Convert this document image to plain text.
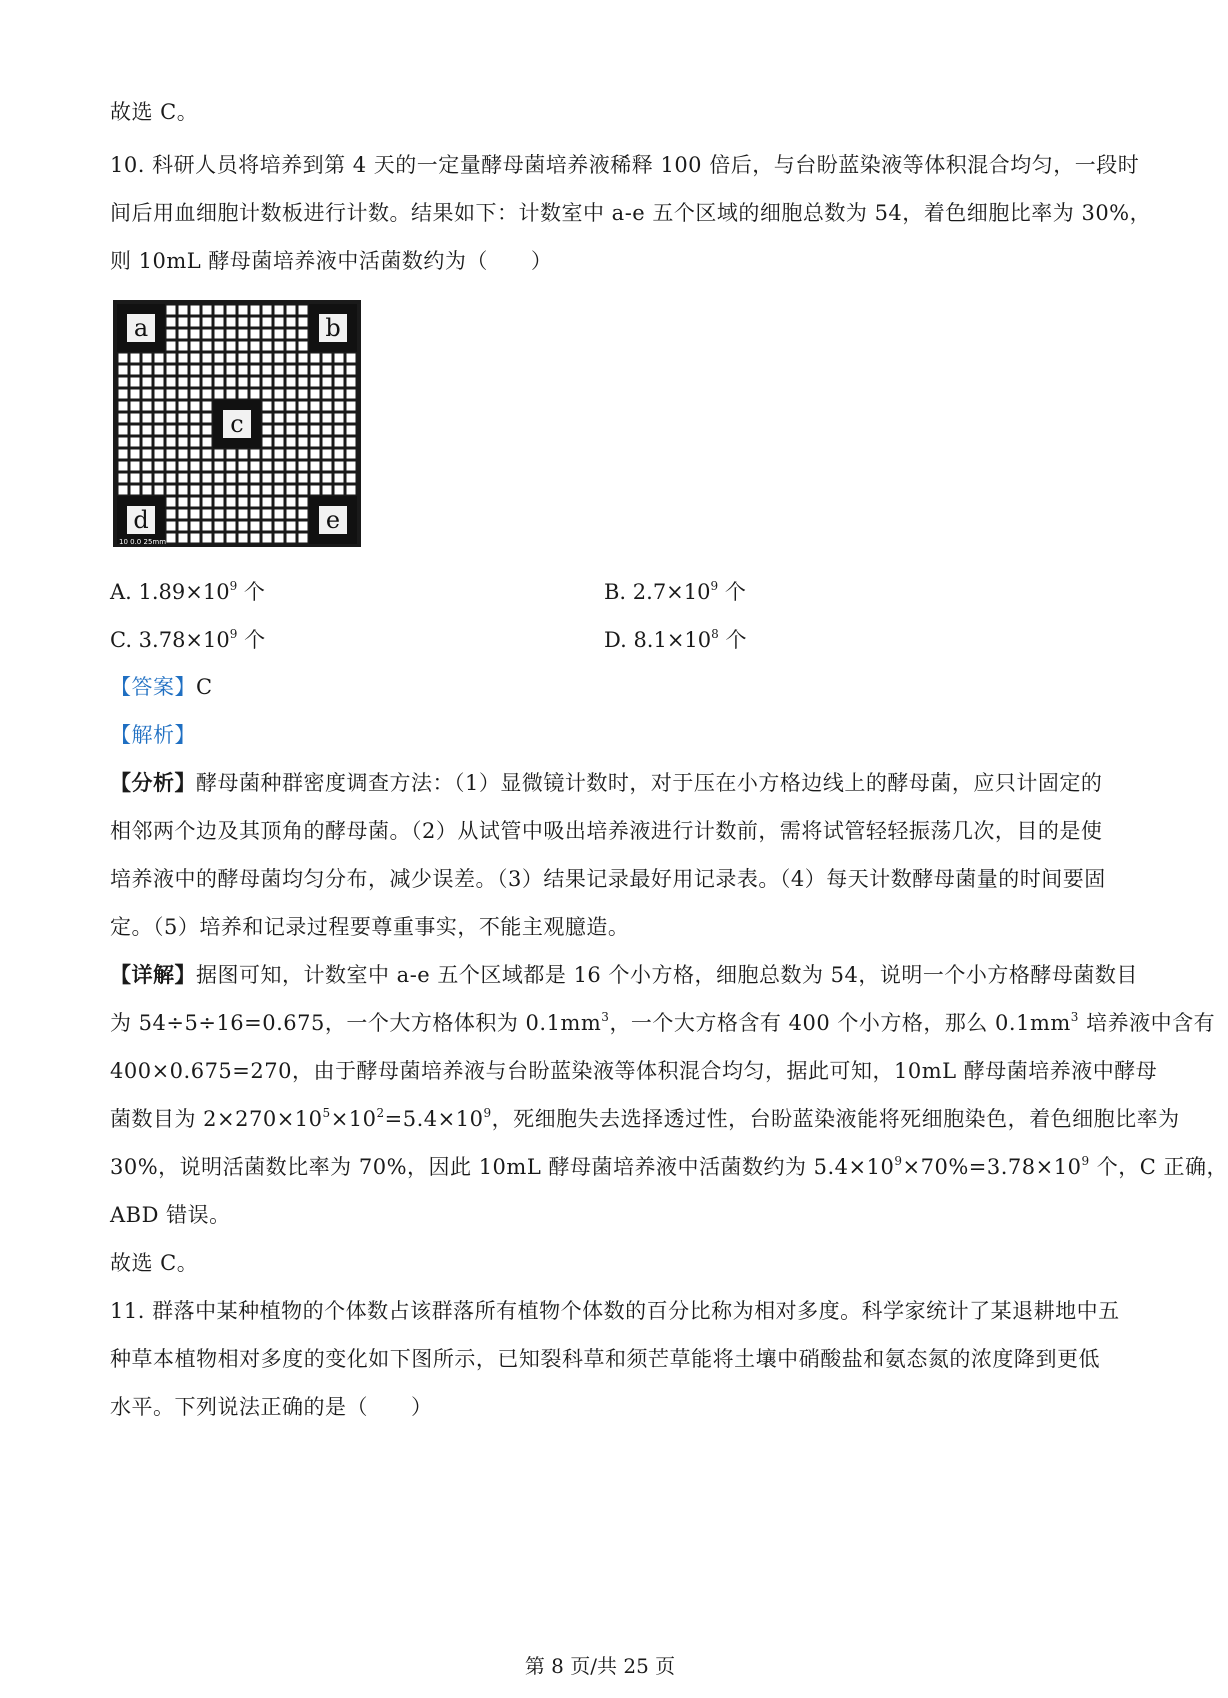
故选 C。
10. 科研人员将培养到第 4 天的一定量酵母菌培养液稀释 100 倍后，与台盼蓝染液等体积混合均匀，一段时
间后用血细胞计数板进行计数。结果如下：计数室中 a-e 五个区域的细胞总数为 54，着色细胞比率为 30%，
则 10mL 酵母菌培养液中活菌数约为（　　）
a	b
c
d	e
10 0.0 25mm
A. $1.89\times 10^9$ 个	B. $2.7\times 10^9$ 个
C. $3.78\times 10^9$ 个	D. $8.1\times 10^8$ 个
【答案】C
【解析】
【分析】酵母菌种群密度调查方法：（1）显微镜计数时，对于压在小方格边线上的酵母菌，应只计固定的
相邻两个边及其顶角的酵母菌。（2）从试管中吸出培养液进行计数前，需将试管轻轻振荡几次，目的是使
培养液中的酵母菌均匀分布，减少误差。（3）结果记录最好用记录表。（4）每天计数酵母菌量的时间要固
定。（5）培养和记录过程要尊重事实，不能主观臆造。
【详解】据图可知，计数室中 a-e 五个区域都是 16 个小方格，细胞总数为 54，说明一个小方格酵母菌数目
为 54÷5÷16=0.675，一个大方格体积为 $0.1mm^3$，一个大方格含有 400 个小方格，那么 $0.1mm^3$ 培养液中含有
400×0.675=270，由于酵母菌培养液与台盼蓝染液等体积混合均匀，据此可知，10mL 酵母菌培养液中酵母
菌数目为 $2\times 270\times 10^5\times 10^2=5.4\times 10^9$，死细胞失去选择透过性，台盼蓝染液能将死细胞染色，着色细胞比率为
30%，说明活菌数比率为 70%，因此 10mL 酵母菌培养液中活菌数约为 $5.4\times 10^9\times 70\%=3.78\times 10^9$ 个，C 正确，
ABD 错误。
故选 C。
11. 群落中某种植物的个体数占该群落所有植物个体数的百分比称为相对多度。科学家统计了某退耕地中五
种草本植物相对多度的变化如下图所示，已知裂科草和须芒草能将土壤中硝酸盐和氨态氮的浓度降到更低
水平。下列说法正确的是（　　）
第 8 页/共 25 页
